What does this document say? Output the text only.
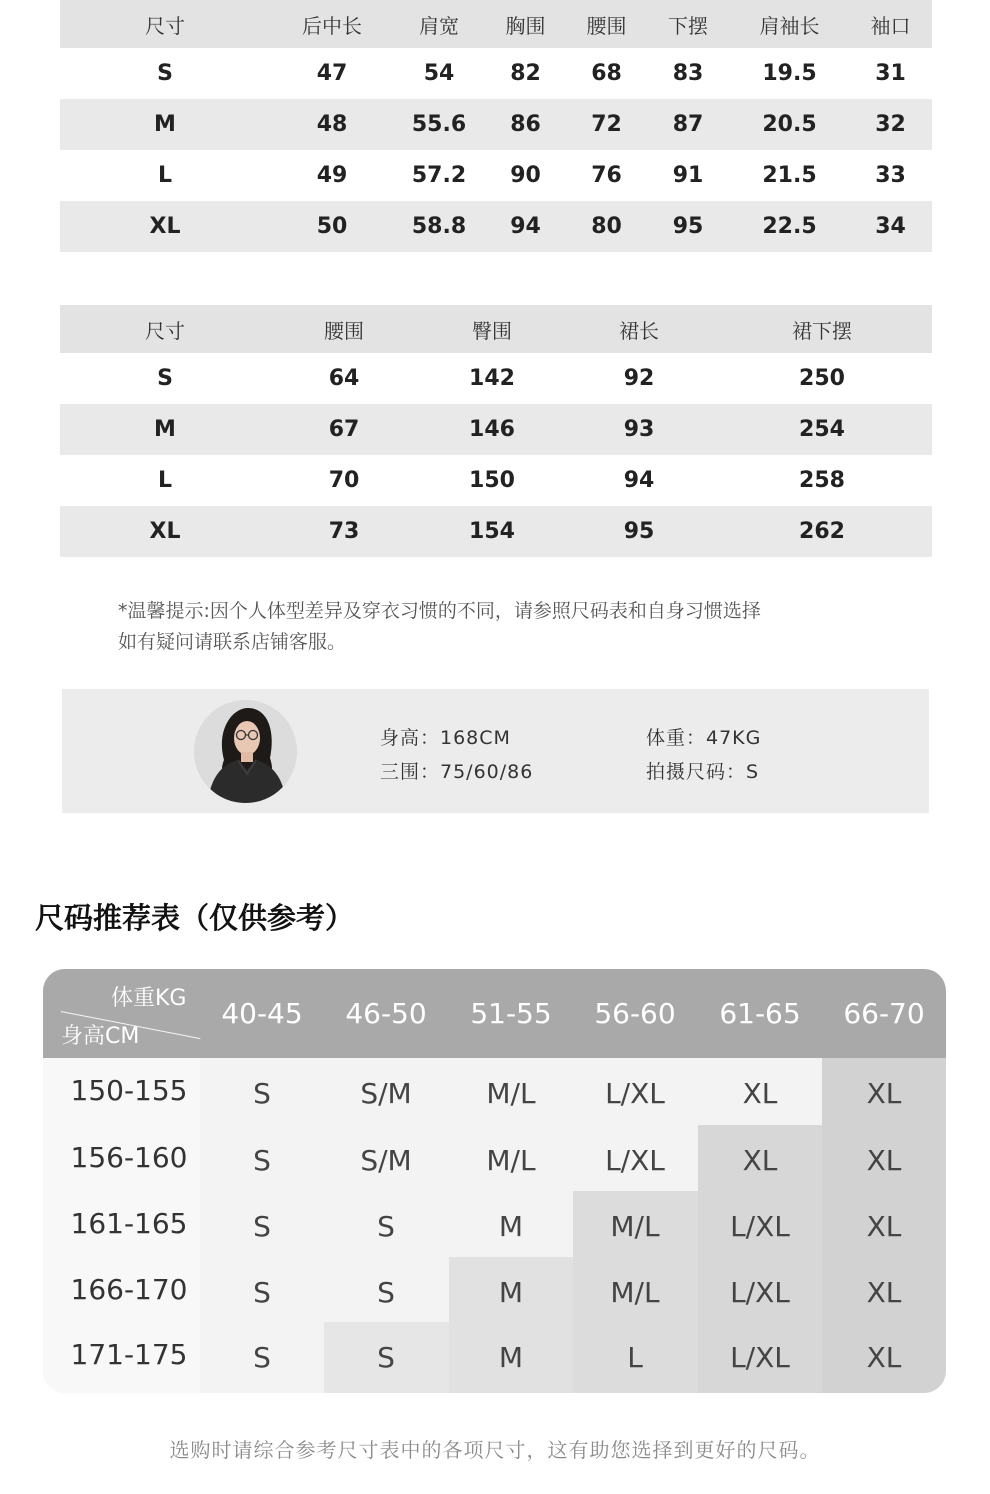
尺寸	后中长	肩宽	胸围	腰围	下摆	肩袖长	袖口
S	47	54	82	68	83	19.5	31
M	48	55.6	86	72	87	20.5	32
L	49	57.2	90	76	91	21.5	33
XL	50	58.8	94	80	95	22.5	34
尺寸	腰围	臀围	裙长	裙下摆
S	64	142	92	250
M	67	146	93	254
L	70	150	94	258
XL	73	154	95	262
*温馨提示:因个人体型差异及穿衣习惯的不同，请参照尺码表和自身习惯选择
如有疑问请联系店铺客服。
身高：168CM	体重：47KG
三围：75/60/86	拍摄尺码：S
尺码推荐表（仅供参考）
体重KG
身高CM
40-45	46-50	51-55	56-60	61-65	66-70
150-155	S	S/M	M/L	L/XL	XL	XL
156-160	S	S/M	M/L	L/XL	XL	XL
161-165	S	S	M	M/L	L/XL	XL
166-170	S	S	M	M/L	L/XL	XL
171-175	S	S	M	L	L/XL	XL
选购时请综合参考尺寸表中的各项尺寸，这有助您选择到更好的尺码。
